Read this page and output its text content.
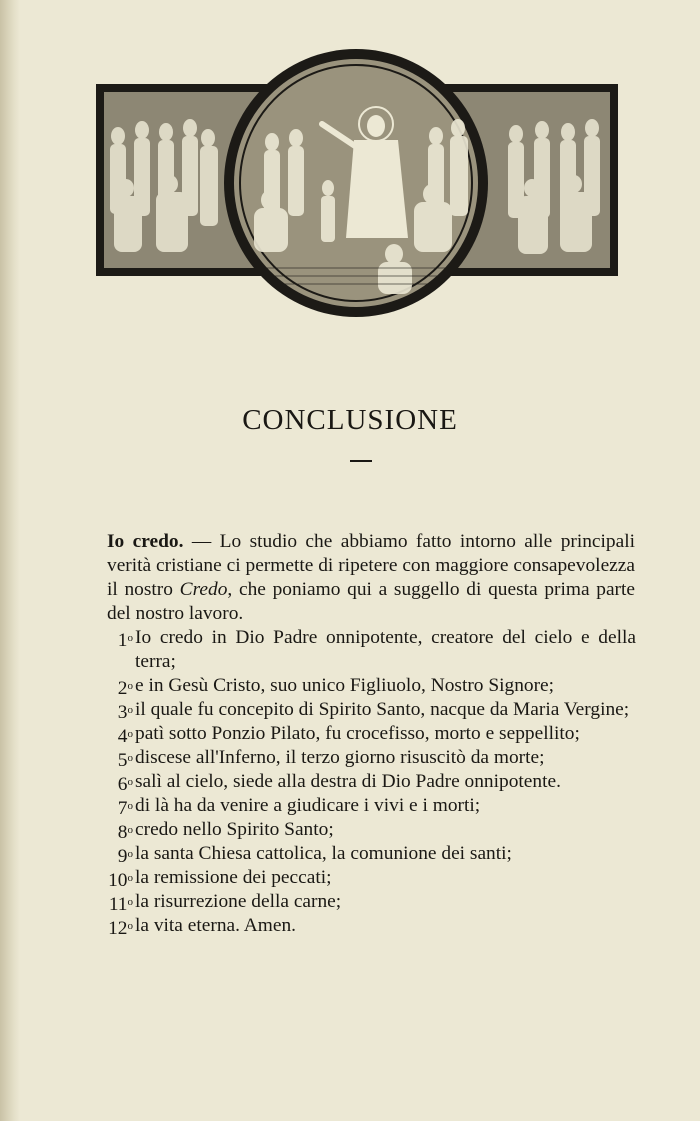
CONCLUSIONE

Io credo. — Lo studio che abbiamo fatto intorno alle principali verità cristiane ci permette di ripetere con maggiore consapevolezza il nostro Credo, che poniamo qui a suggello di questa prima parte del nostro lavoro.

1$^o$ Io credo in Dio Padre onnipotente, creatore del cielo e della terra;
2$^o$ e in Gesù Cristo, suo unico Figliuolo, Nostro Signore;
3$^o$ il quale fu concepito di Spirito Santo, nacque da Maria Vergine;
4$^o$ patì sotto Ponzio Pilato, fu crocefisso, morto e seppellito;
5$^o$ discese all'Inferno, il terzo giorno risuscitò da morte;
6$^o$ salì al cielo, siede alla destra di Dio Padre onnipotente.
7$^o$ di là ha da venire a giudicare i vivi e i morti;
8$^o$ credo nello Spirito Santo;
9$^o$ la santa Chiesa cattolica, la comunione dei santi;
10$^o$ la remissione dei peccati;
11$^o$ la risurrezione della carne;
12$^o$ la vita eterna. Amen.
